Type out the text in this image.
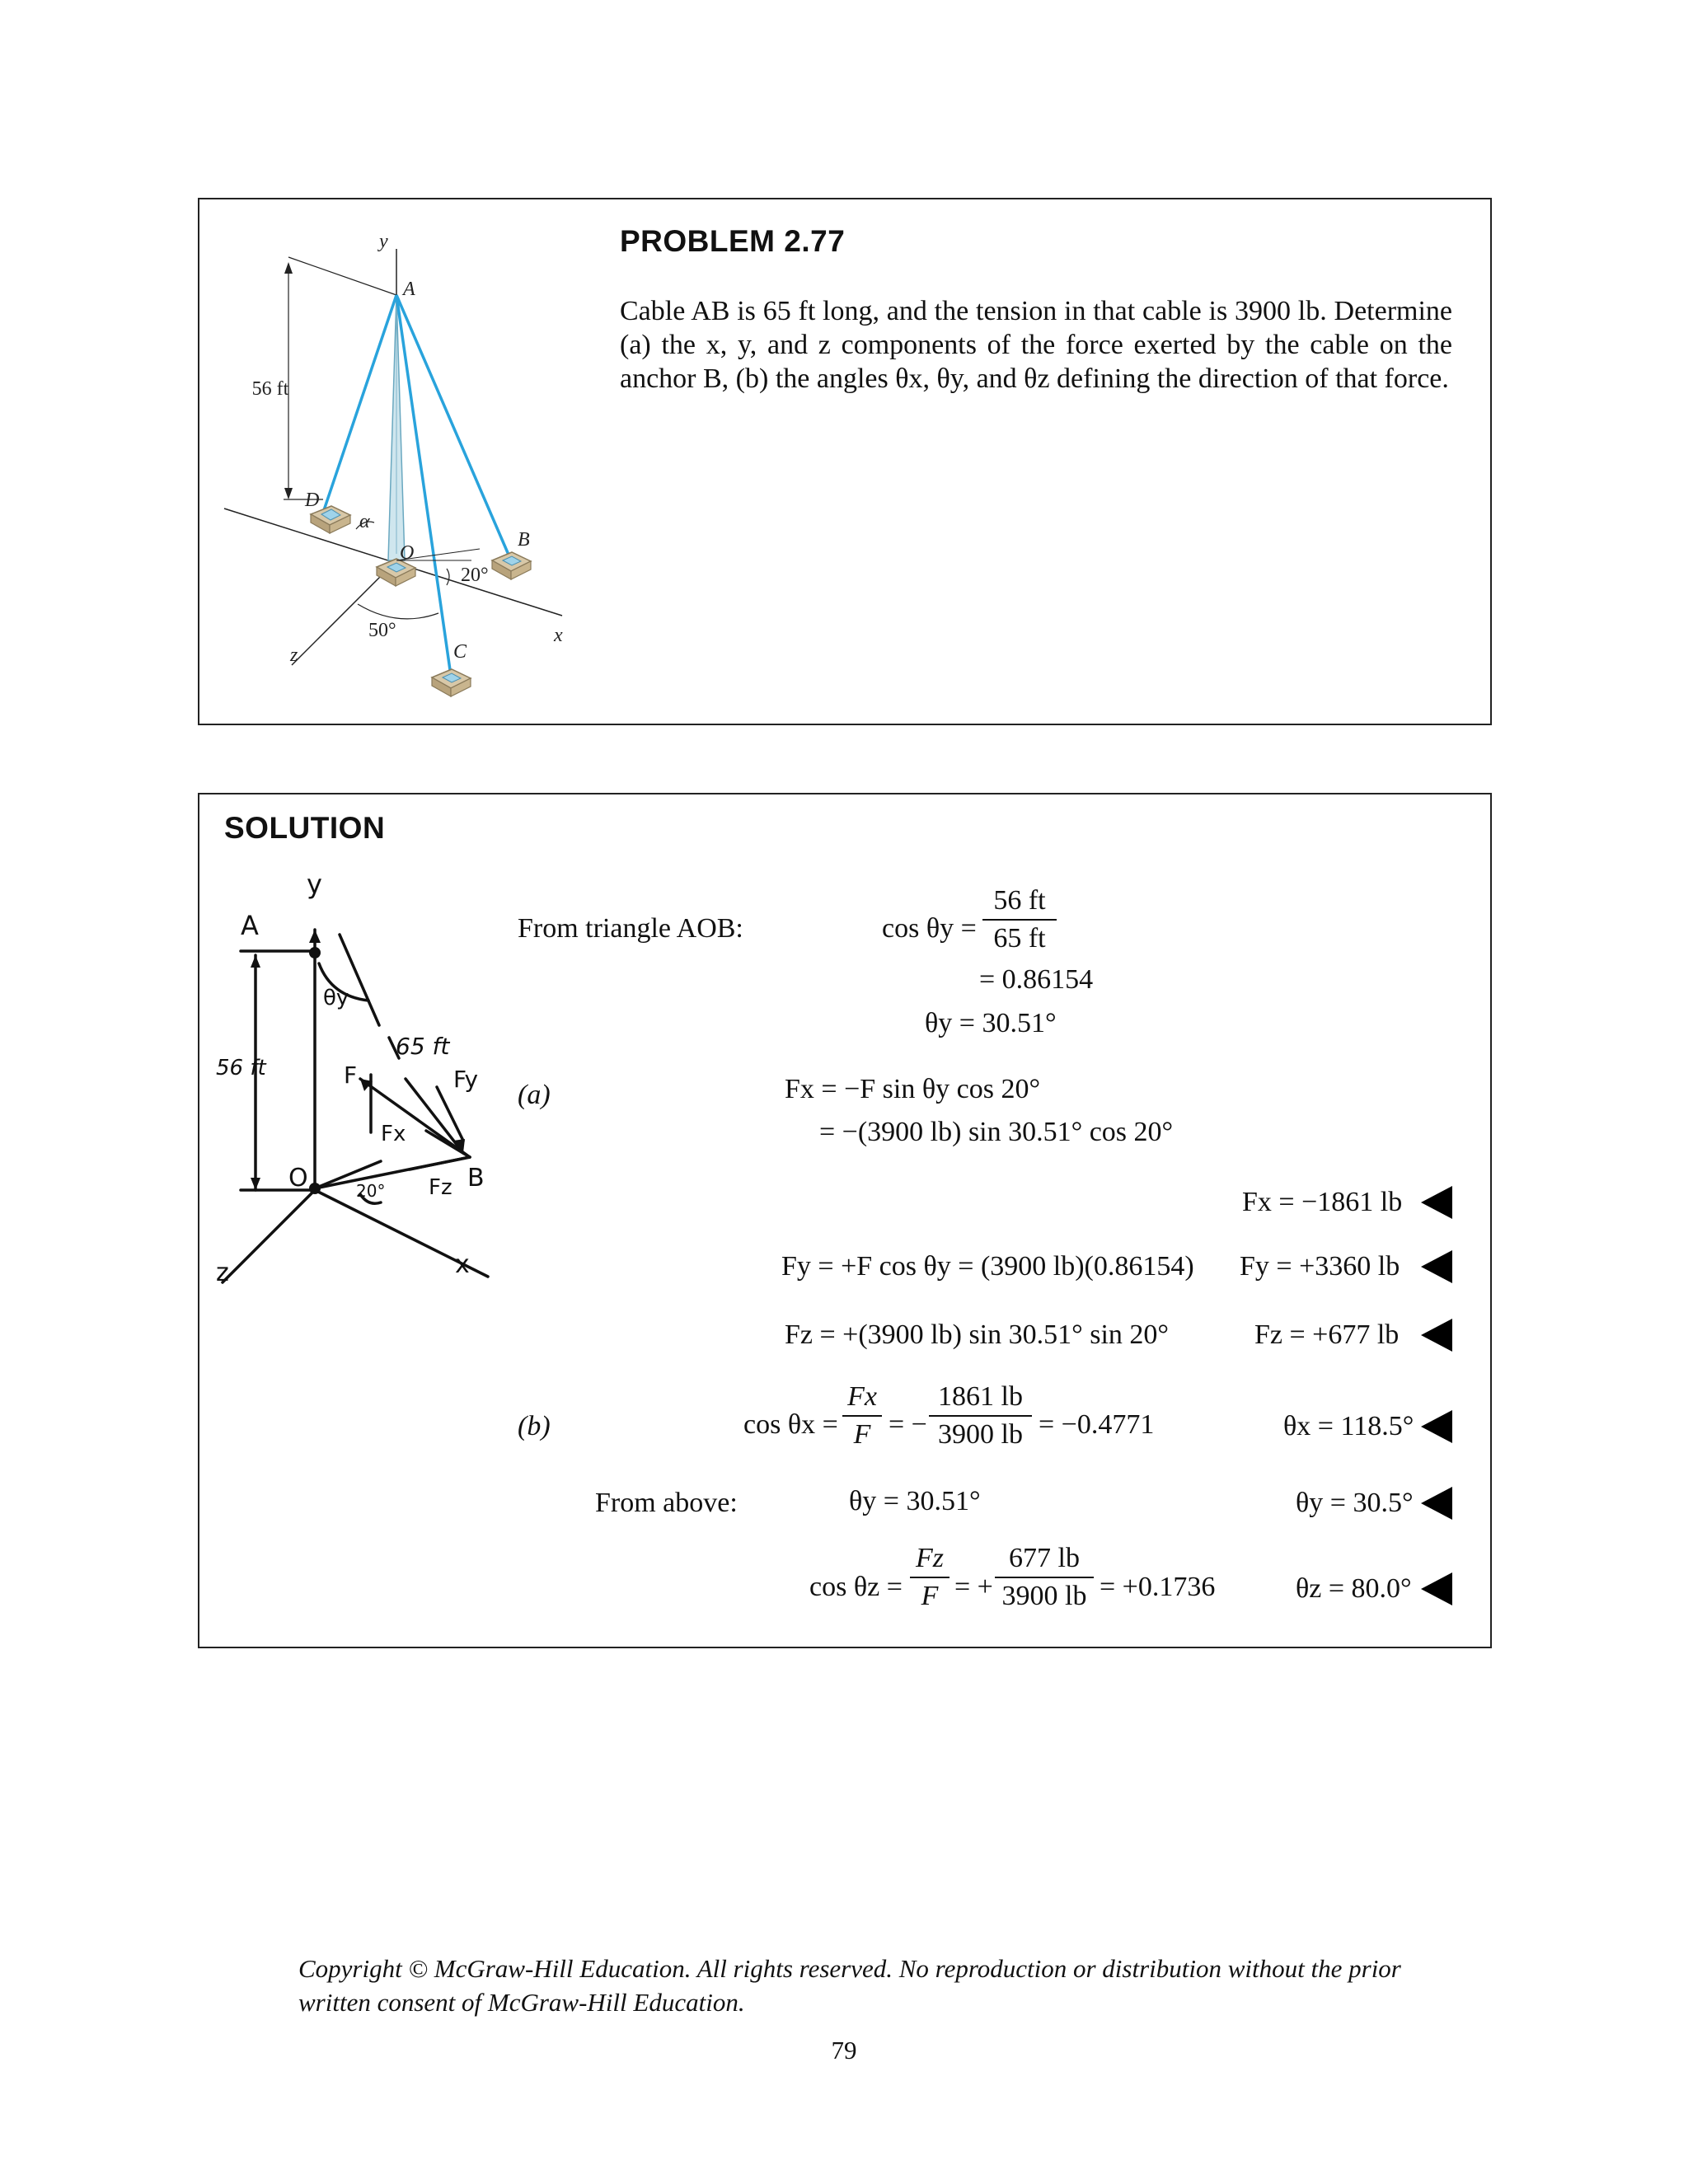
y
A
56 ft
D
α
O
B
20°
50°
C
x
z
PROBLEM 2.77
Cable AB is 65 ft long, and the tension in that cable is 3900 lb. Determine (a) the x, y, and z components of the force exerted by the cable on the anchor B, (b) the angles θx, θy, and θz defining the direction of that force.
SOLUTION
y
A
56 ft
θy
65 ft
F	Fy
Fx
Fz
O	B
20°
z	x
From triangle AOB:	$\cos \theta y = \frac{56 ft}{65 ft}$
= 0.86154
θy = 30.51°
(a)	Fx = −F sin θy cos 20°
= −(3900 lb) sin 30.51° cos 20°
Fx = −1861 lb
Fy = +F cos θy = (3900 lb)(0.86154) Fy = +3360 lb
Fz = +(3900 lb) sin 30.51° sin 20°	Fz = +677 lb
(b)	$\cos \theta x = \frac{Fx}{F}$ = − $\frac{1861 lb}{3900 lb} = -0.4771$	θx = 118.5°
From above:	θy = 30.51°	θy = 30.5°
$\cos \theta z = \frac{Fz}{F}$ = + $\frac{677 lb}{3900 lb} = +0.1736$	θz = 80.0°
Copyright © McGraw-Hill Education. All rights reserved. No reproduction or distribution without the prior written consent of McGraw-Hill Education.
79
